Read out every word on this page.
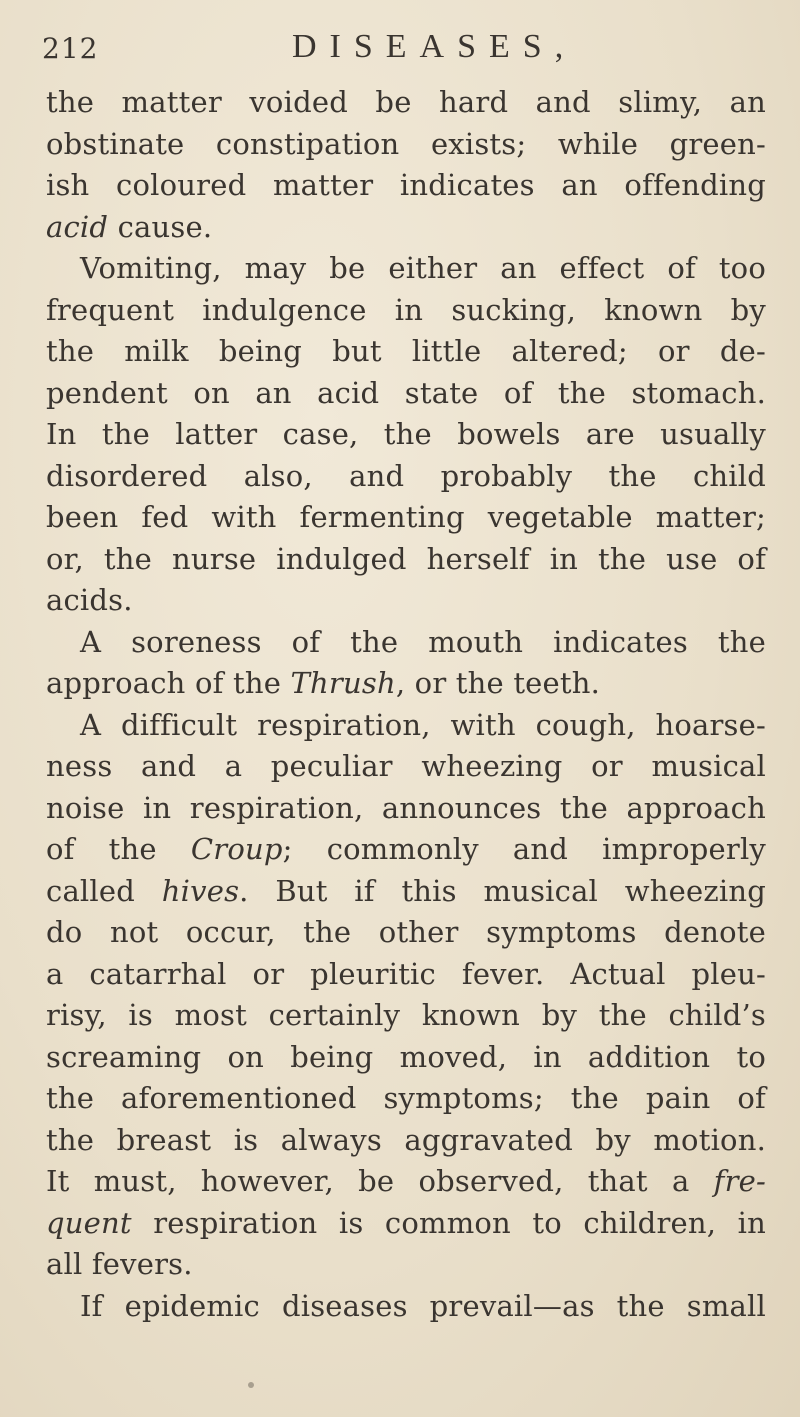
212	DISEASES,
the matter voided be hard and slimy, an
obstinate constipation exists; while green-
ish coloured matter indicates an offending
acid cause.
Vomiting, may be either an effect of too
frequent indulgence in sucking, known by
the milk being but little altered; or de-
pendent on an acid state of the stomach.
In the latter case, the bowels are usually
disordered also, and probably the child
been fed with fermenting vegetable matter;
or, the nurse indulged herself in the use of
acids.
A soreness of the mouth indicates the
approach of the Thrush, or the teeth.
A difficult respiration, with cough, hoarse-
ness and a peculiar wheezing or musical
noise in respiration, announces the approach
of the Croup; commonly and improperly
called hives. But if this musical wheezing
do not occur, the other symptoms denote
a catarrhal or pleuritic fever. Actual pleu-
risy, is most certainly known by the child’s
screaming on being moved, in addition to
the aforementioned symptoms; the pain of
the breast is always aggravated by motion.
It must, however, be observed, that a fre-
quent respiration is common to children, in
all fevers.
If epidemic diseases prevail—as the small
